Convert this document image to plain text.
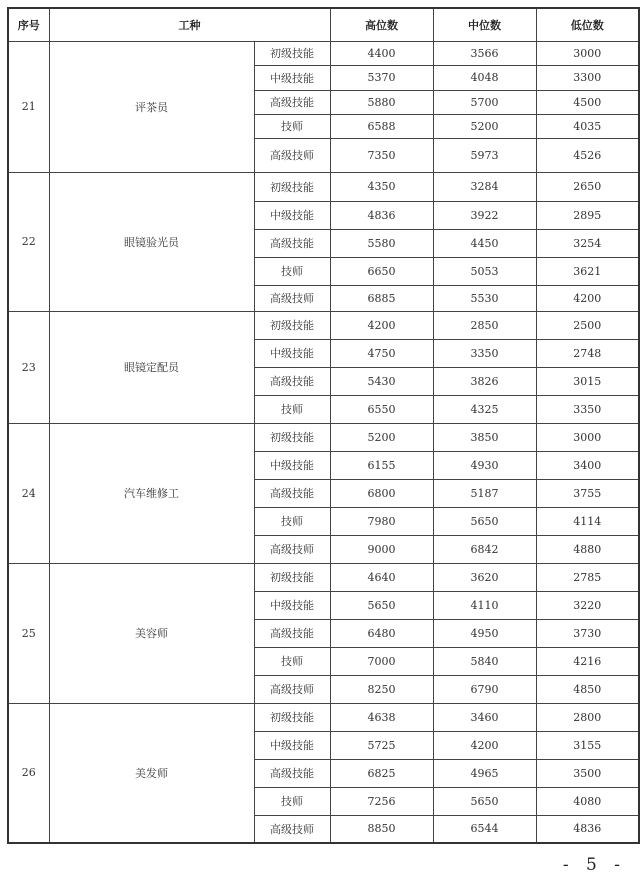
序号	工种		高位数	中位数	低位数
21	评茶员	初级技能	4400	3566	3000
		中级技能	5370	4048	3300
		高级技能	5880	5700	4500
		技师	6588	5200	4035
		高级技师	7350	5973	4526
22	眼镜验光员	初级技能	4350	3284	2650
		中级技能	4836	3922	2895
		高级技能	5580	4450	3254
		技师	6650	5053	3621
		高级技师	6885	5530	4200
23	眼镜定配员	初级技能	4200	2850	2500
		中级技能	4750	3350	2748
		高级技能	5430	3826	3015
		技师	6550	4325	3350
24	汽车维修工	初级技能	5200	3850	3000
		中级技能	6155	4930	3400
		高级技能	6800	5187	3755
		技师	7980	5650	4114
		高级技师	9000	6842	4880
25	美容师	初级技能	4640	3620	2785
		中级技能	5650	4110	3220
		高级技能	6480	4950	3730
		技师	7000	5840	4216
		高级技师	8250	6790	4850
26	美发师	初级技能	4638	3460	2800
		中级技能	5725	4200	3155
		高级技能	6825	4965	3500
		技师	7256	5650	4080
		高级技师	8850	6544	4836
- 5 -
